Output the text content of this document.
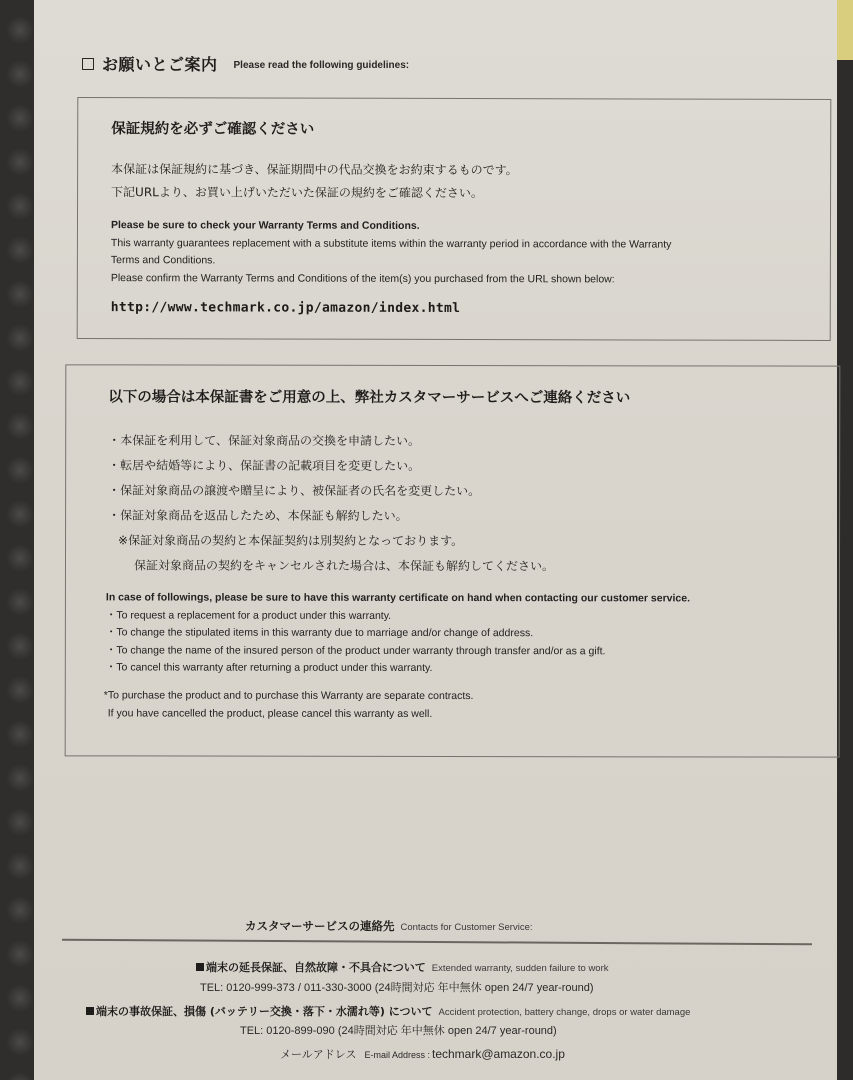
お願いとご案内 Please read the following guidelines:
保証規約を必ずご確認ください
本保証は保証規約に基づき、保証期間中の代品交換をお約束するものです。
下記URLより、お買い上げいただいた保証の規約をご確認ください。
Please be sure to check your Warranty Terms and Conditions.
This warranty guarantees replacement with a substitute items within the warranty period in accordance with the Warranty
Terms and Conditions.
Please confirm the Warranty Terms and Conditions of the item(s) you purchased from the URL shown below:
http://www.techmark.co.jp/amazon/index.html
以下の場合は本保証書をご用意の上、弊社カスタマーサービスへご連絡ください
・本保証を利用して、保証対象商品の交換を申請したい。
・転居や結婚等により、保証書の記載項目を変更したい。
・保証対象商品の譲渡や贈呈により、被保証者の氏名を変更したい。
・保証対象商品を返品したため、本保証も解約したい。
※保証対象商品の契約と本保証契約は別契約となっております。
保証対象商品の契約をキャンセルされた場合は、本保証も解約してください。
In case of followings, please be sure to have this warranty certificate on hand when contacting our customer service.
・To request a replacement for a product under this warranty.
・To change the stipulated items in this warranty due to marriage and/or change of address.
・To change the name of the insured person of the product under warranty through transfer and/or as a gift.
・To cancel this warranty after returning a product under this warranty.
*To purchase the product and to purchase this Warranty are separate contracts.
If you have cancelled the product, please cancel this warranty as well.
カスタマーサービスの連絡先 Contacts for Customer Service:
端末の延長保証、自然故障・不具合について Extended warranty, sudden failure to work
TEL: 0120-999-373 / 011-330-3000 (24時間対応 年中無休 open 24/7 year-round)
端末の事故保証、損傷 (バッテリー交換・落下・水濡れ等) について Accident protection, battery change, drops or water damage
TEL: 0120-899-090 (24時間対応 年中無休 open 24/7 year-round)
メールアドレス E-mail Address : techmark@amazon.co.jp
